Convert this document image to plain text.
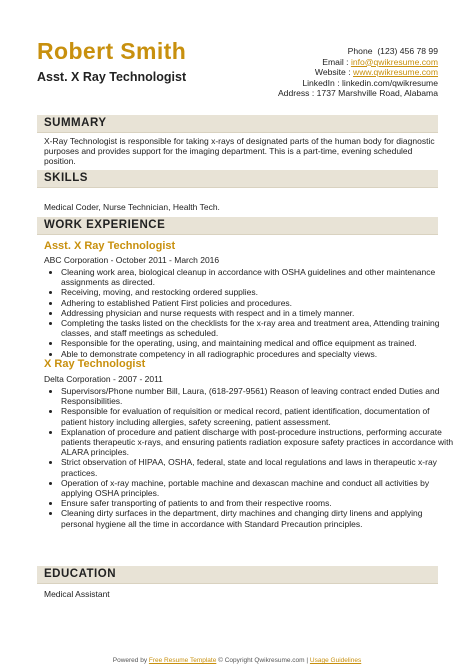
Robert Smith
Asst. X Ray Technologist
Phone (123) 456 78 99
Email : info@qwikresume.com
Website : www.qwikresume.com
LinkedIn : linkedin.com/qwikresume
Address : 1737 Marshville Road, Alabama
SUMMARY
X-Ray Technologist is responsible for taking x-rays of designated parts of the human body for diagnostic purposes and provides support for the imaging department. This is a part-time, evening scheduled position.
SKILLS
Medical Coder, Nurse Technician, Health Tech.
WORK EXPERIENCE
Asst. X Ray Technologist
ABC Corporation - October 2011 - March 2016
• Cleaning work area, biological cleanup in accordance with OSHA guidelines and other maintenance assignments as directed.
• Receiving, moving, and restocking ordered supplies.
• Adhering to established Patient First policies and procedures.
• Addressing physician and nurse requests with respect and in a timely manner.
• Completing the tasks listed on the checklists for the x-ray area and treatment area, Attending training classes, and staff meetings as scheduled.
• Responsible for the operating, using, and maintaining medical and office equipment as trained.
• Able to demonstrate competency in all radiographic procedures and specialty views.
X Ray Technologist
Delta Corporation - 2007 - 2011
• Supervisors/Phone number Bill, Laura, (618-297-9561) Reason of leaving contract ended Duties and Responsibilities.
• Responsible for evaluation of requisition or medical record, patient identification, documentation of patient history including allergies, safety screening, patient assessment.
• Explanation of procedure and patient discharge with post-procedure instructions, performing accurate patients therapeutic x-rays, and ensuring patients radiation exposure safety practices in accordance with ALARA principles.
• Strict observation of HIPAA, OSHA, federal, state and local regulations and laws in therapeutic x-ray practices.
• Operation of x-ray machine, portable machine and dexascan machine and conduct all activities by applying OSHA principles.
• Ensure safer transporting of patients to and from their respective rooms.
• Cleaning dirty surfaces in the department, dirty machines and changing dirty linens and applying personal hygiene all the time in accordance with Standard Precaution principles.
EDUCATION
Medical Assistant
Powered by Free Resume Template © Copyright Qwikresume.com | Usage Guidelines
